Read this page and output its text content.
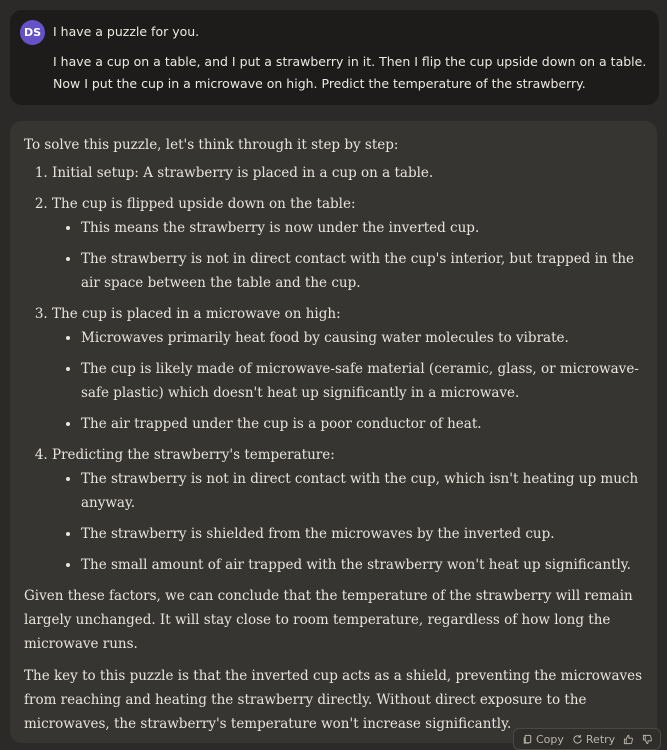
DS I have a puzzle for you.
I have a cup on a table, and I put a strawberry in it. Then I flip the cup upside down on a table.
Now I put the cup in a microwave on high. Predict the temperature of the strawberry.

To solve this puzzle, let's think through it step by step:

1. Initial setup: A strawberry is placed in a cup on a table.
2. The cup is flipped upside down on the table:
• This means the strawberry is now under the inverted cup.
• The strawberry is not in direct contact with the cup's interior, but trapped in the air space between the table and the cup.
3. The cup is placed in a microwave on high:
• Microwaves primarily heat food by causing water molecules to vibrate.
• The cup is likely made of microwave-safe material (ceramic, glass, or microwave-safe plastic) which doesn't heat up significantly in a microwave.
• The air trapped under the cup is a poor conductor of heat.
4. Predicting the strawberry's temperature:
• The strawberry is not in direct contact with the cup, which isn't heating up much anyway.
• The strawberry is shielded from the microwaves by the inverted cup.
• The small amount of air trapped with the strawberry won't heat up significantly.

Given these factors, we can conclude that the temperature of the strawberry will remain largely unchanged. It will stay close to room temperature, regardless of how long the microwave runs.

The key to this puzzle is that the inverted cup acts as a shield, preventing the microwaves from reaching and heating the strawberry directly. Without direct exposure to the microwaves, the strawberry's temperature won't increase significantly.

Copy Retry
